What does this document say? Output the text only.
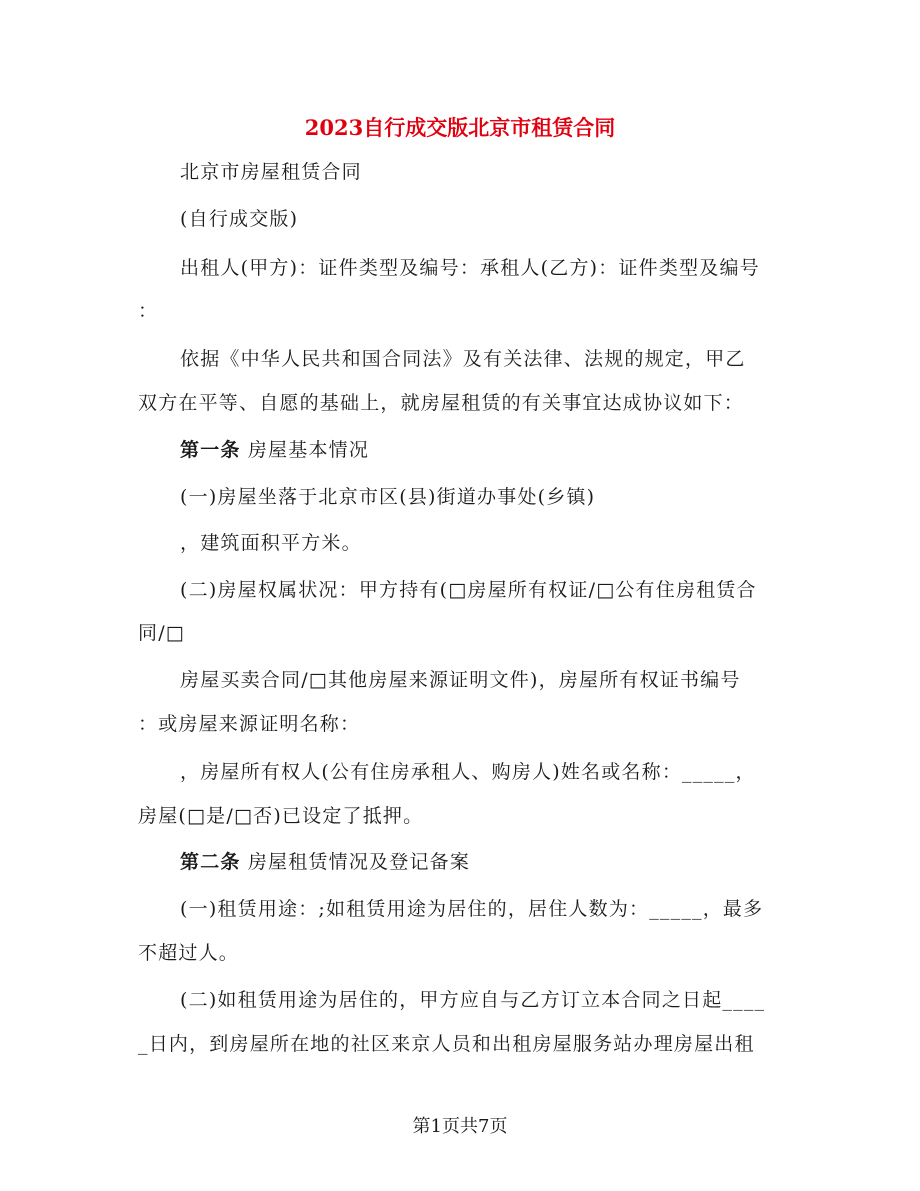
2023自行成交版北京市租赁合同
北京市房屋租赁合同
(自行成交版)
出租人(甲方)：证件类型及编号：承租人(乙方)：证件类型及编号
：
依据《中华人民共和国合同法》及有关法律、法规的规定，甲乙
双方在平等、自愿的基础上，就房屋租赁的有关事宜达成协议如下：
第一条 房屋基本情况
(一)房屋坐落于北京市区(县)街道办事处(乡镇)
，建筑面积平方米。
(二)房屋权属状况：甲方持有(□房屋所有权证/□公有住房租赁合
同/□
房屋买卖合同/□其他房屋来源证明文件)，房屋所有权证书编号
：或房屋来源证明名称：
，房屋所有权人(公有住房承租人、购房人)姓名或名称：_____，
房屋(□是/□否)已设定了抵押。
第二条 房屋租赁情况及登记备案
(一)租赁用途：;如租赁用途为居住的，居住人数为：_____，最多
不超过人。
(二)如租赁用途为居住的，甲方应自与乙方订立本合同之日起____
_日内，到房屋所在地的社区来京人员和出租房屋服务站办理房屋出租
第1页共7页
